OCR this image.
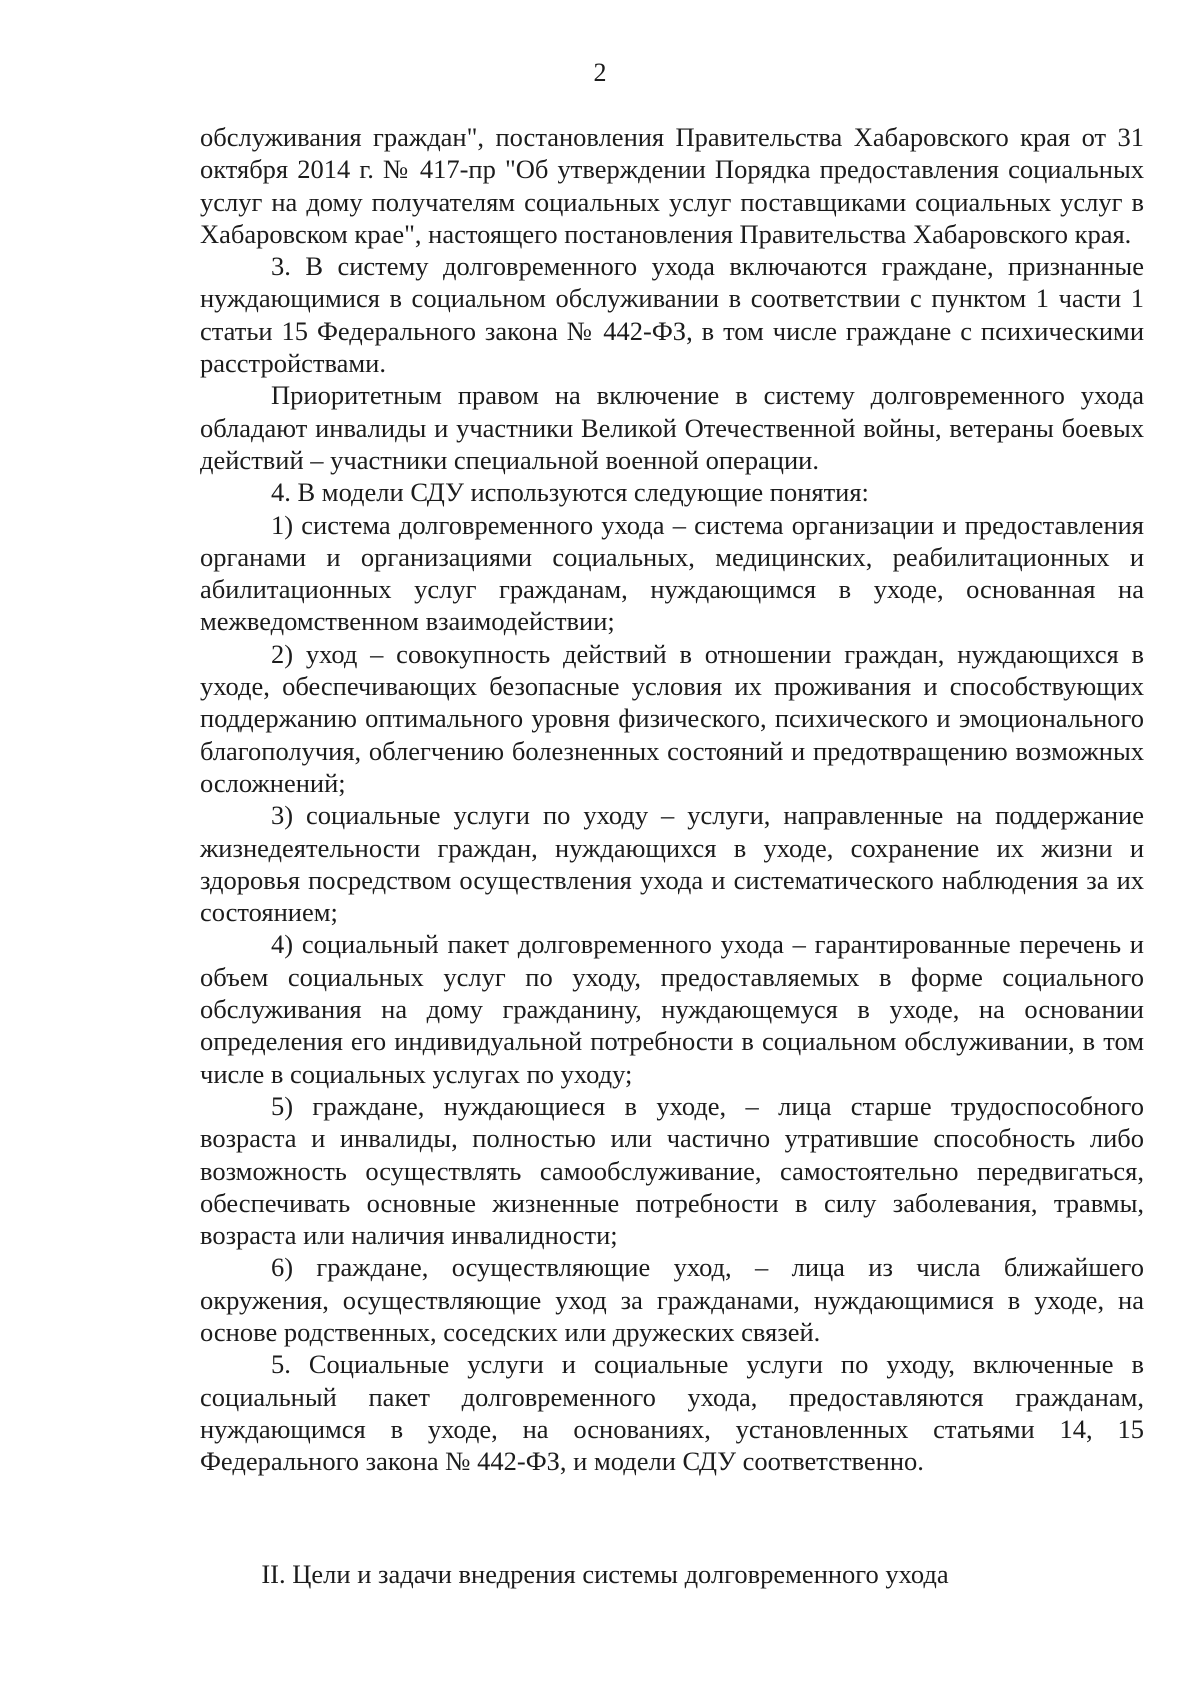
2

обслуживания граждан", постановления Правительства Хабаровского края от 31 октября 2014 г. № 417-пр "Об утверждении Порядка предоставления социальных услуг на дому получателям социальных услуг поставщиками социальных услуг в Хабаровском крае", настоящего постановления Правительства Хабаровского края.

3. В систему долговременного ухода включаются граждане, признанные нуждающимися в социальном обслуживании в соответствии с пунктом 1 части 1 статьи 15 Федерального закона № 442-ФЗ, в том числе граждане с психическими расстройствами.

Приоритетным правом на включение в систему долговременного ухода обладают инвалиды и участники Великой Отечественной войны, ветераны боевых действий – участники специальной военной операции.

4. В модели СДУ используются следующие понятия:

1) система долговременного ухода – система организации и предоставления органами и организациями социальных, медицинских, реабилитационных и абилитационных услуг гражданам, нуждающимся в уходе, основанная на межведомственном взаимодействии;

2) уход – совокупность действий в отношении граждан, нуждающихся в уходе, обеспечивающих безопасные условия их проживания и способствующих поддержанию оптимального уровня физического, психического и эмоционального благополучия, облегчению болезненных состояний и предотвращению возможных осложнений;

3) социальные услуги по уходу – услуги, направленные на поддержание жизнедеятельности граждан, нуждающихся в уходе, сохранение их жизни и здоровья посредством осуществления ухода и систематического наблюдения за их состоянием;

4) социальный пакет долговременного ухода – гарантированные перечень и объем социальных услуг по уходу, предоставляемых в форме социального обслуживания на дому гражданину, нуждающемуся в уходе, на основании определения его индивидуальной потребности в социальном обслуживании, в том числе в социальных услугах по уходу;

5) граждане, нуждающиеся в уходе, – лица старше трудоспособного возраста и инвалиды, полностью или частично утратившие способность либо возможность осуществлять самообслуживание, самостоятельно передвигаться, обеспечивать основные жизненные потребности в силу заболевания, травмы, возраста или наличия инвалидности;

6) граждане, осуществляющие уход, – лица из числа ближайшего окружения, осуществляющие уход за гражданами, нуждающимися в уходе, на основе родственных, соседских или дружеских связей.

5. Социальные услуги и социальные услуги по уходу, включенные в социальный пакет долговременного ухода, предоставляются гражданам, нуждающимся в уходе, на основаниях, установленных статьями 14, 15 Федерального закона № 442-ФЗ, и модели СДУ соответственно.

II. Цели и задачи внедрения системы долговременного ухода
